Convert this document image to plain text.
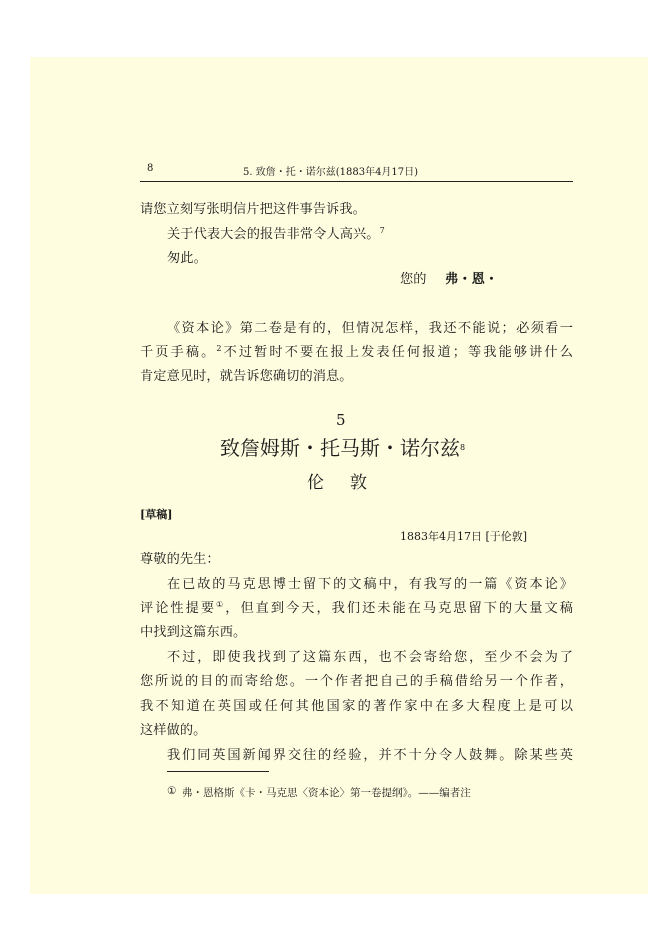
8	5. 致詹・托・诺尔兹(1883年4月17日)
请您立刻写张明信片把这件事告诉我。
关于代表大会的报告非常令人高兴。$^7$
匆此。
您的 弗・恩・
《资本论》第二卷是有的，但情况怎样，我还不能说；必须看一
千页手稿。$^2$不过暂时不要在报上发表任何报道；等我能够讲什么
肯定意见时，就告诉您确切的消息。
5
致詹姆斯・托马斯・诺尔兹$^8$
伦敦
[草稿]
1883年4月17日 [于伦敦]
尊敬的先生：
在已故的马克思博士留下的文稿中，有我写的一篇《资本论》
评论性提要①，但直到今天，我们还未能在马克思留下的大量文稿
中找到这篇东西。
不过，即使我找到了这篇东西，也不会寄给您，至少不会为了
您所说的目的而寄给您。一个作者把自己的手稿借给另一个作者，
我不知道在英国或任何其他国家的著作家中在多大程度上是可以
这样做的。
我们同英国新闻界交往的经验，并不十分令人鼓舞。除某些英
① 弗・恩格斯《卡・马克思〈资本论〉第一卷提纲》。——编者注
